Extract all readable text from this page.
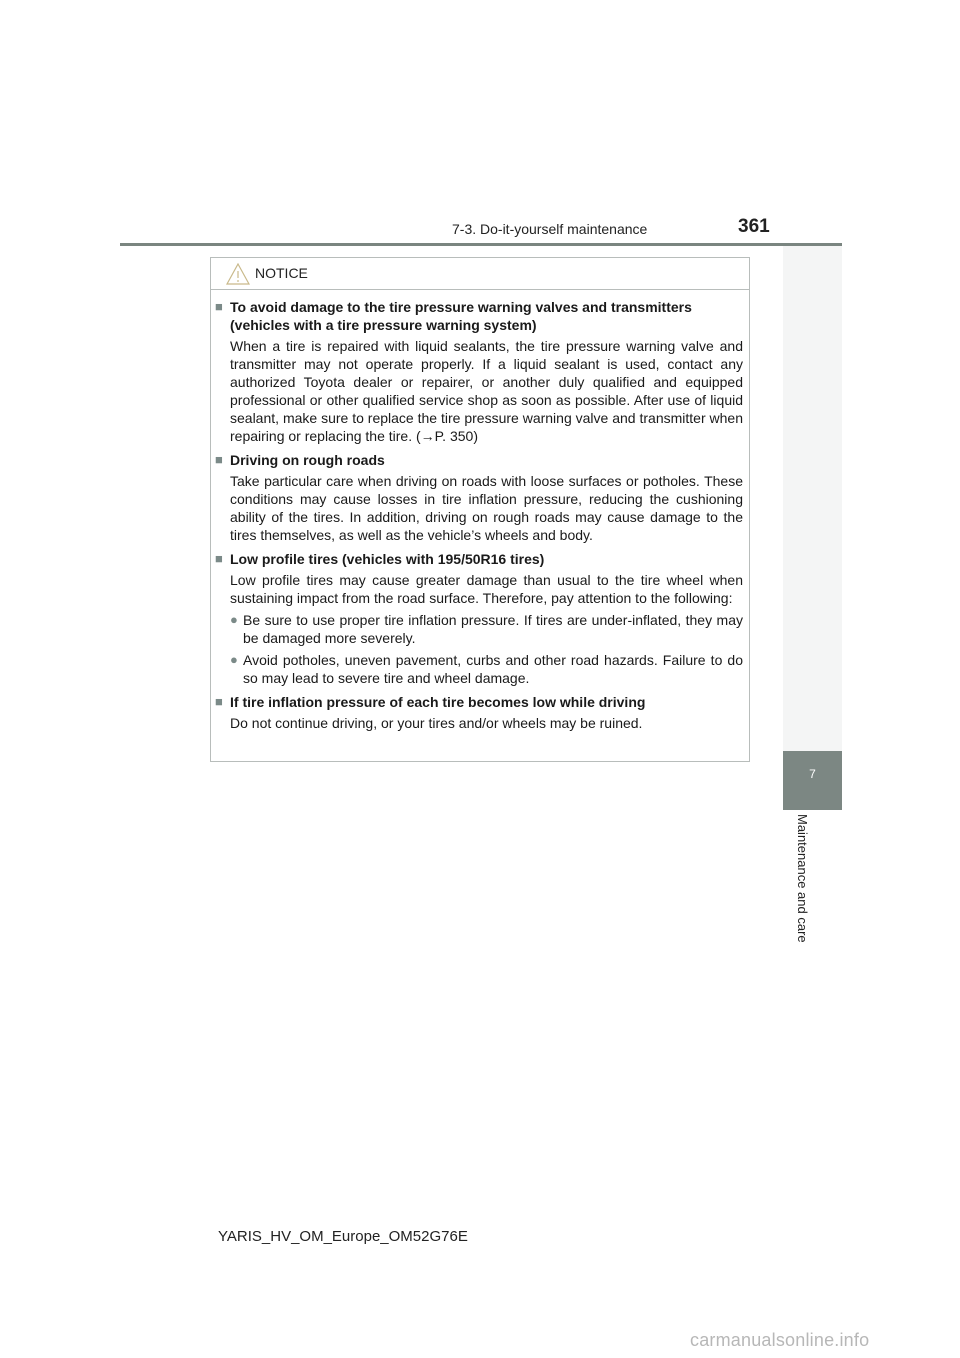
7-3. Do-it-yourself maintenance	361
NOTICE
■ To avoid damage to the tire pressure warning valves and transmitters
(vehicles with a tire pressure warning system)
When a tire is repaired with liquid sealants, the tire pressure warning valve and transmitter may not operate properly. If a liquid sealant is used, contact any authorized Toyota dealer or repairer, or another duly qualified and equipped professional or other qualified service shop as soon as possible. After use of liquid sealant, make sure to replace the tire pressure warning valve and transmitter when repairing or replacing the tire. (→P. 350)
■ Driving on rough roads
Take particular care when driving on roads with loose surfaces or potholes. These conditions may cause losses in tire inflation pressure, reducing the cushioning ability of the tires. In addition, driving on rough roads may cause damage to the tires themselves, as well as the vehicle’s wheels and body.
■ Low profile tires (vehicles with 195/50R16 tires)
Low profile tires may cause greater damage than usual to the tire wheel when sustaining impact from the road surface. Therefore, pay attention to the following:
● Be sure to use proper tire inflation pressure. If tires are under-inflated, they may be damaged more severely.
● Avoid potholes, uneven pavement, curbs and other road hazards. Failure to do so may lead to severe tire and wheel damage.
■ If tire inflation pressure of each tire becomes low while driving
Do not continue driving, or your tires and/or wheels may be ruined.
7
Maintenance and care
YARIS_HV_OM_Europe_OM52G76E
carmanualsonline.info
